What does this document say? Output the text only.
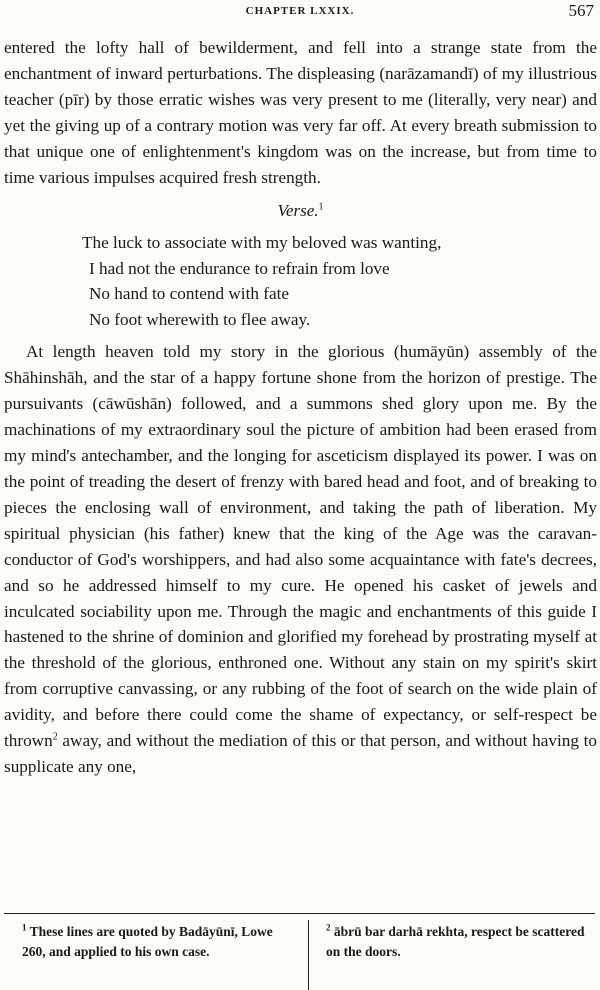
CHAPTER LXXIX.	567

entered the lofty hall of bewilderment, and fell into a strange state from the enchantment of inward perturbations. The displeasing (narāzamandī) of my illustrious teacher (pīr) by those erratic wishes was very present to me (literally, very near) and yet the giving up of a contrary motion was very far off. At every breath submission to that unique one of enlightenment's kingdom was on the increase, but from time to time various impulses acquired fresh strength.

Verse.$^1$
The luck to associate with my beloved was wanting,
I had not the endurance to refrain from love
No hand to contend with fate
No foot wherewith to flee away.

At length heaven told my story in the glorious (humāyūn) assembly of the Shāhinshāh, and the star of a happy fortune shone from the horizon of prestige. The pursuivants (cāwūshān) followed, and a summons shed glory upon me. By the machinations of my extraordinary soul the picture of ambition had been erased from my mind's antechamber, and the longing for asceticism displayed its power. I was on the point of treading the desert of frenzy with bared head and foot, and of breaking to pieces the enclosing wall of environment, and taking the path of liberation. My spiritual physician (his father) knew that the king of the Age was the caravan-conductor of God's worshippers, and had also some acquaintance with fate's decrees, and so he addressed himself to my cure. He opened his casket of jewels and inculcated sociability upon me. Through the magic and enchantments of this guide I hastened to the shrine of dominion and glorified my forehead by prostrating myself at the threshold of the glorious, enthroned one. Without any stain on my spirit's skirt from corruptive canvassing, or any rubbing of the foot of search on the wide plain of avidity, and before there could come the shame of expectancy, or self-respect be thrown$^2$ away, and without the mediation of this or that person, and without having to supplicate any one,

$^1$ These lines are quoted by Badāyūnī, Lowe 260, and applied to his own case.
$^2$ ābrū bar darhā rekhta, respect be scattered on the doors.
